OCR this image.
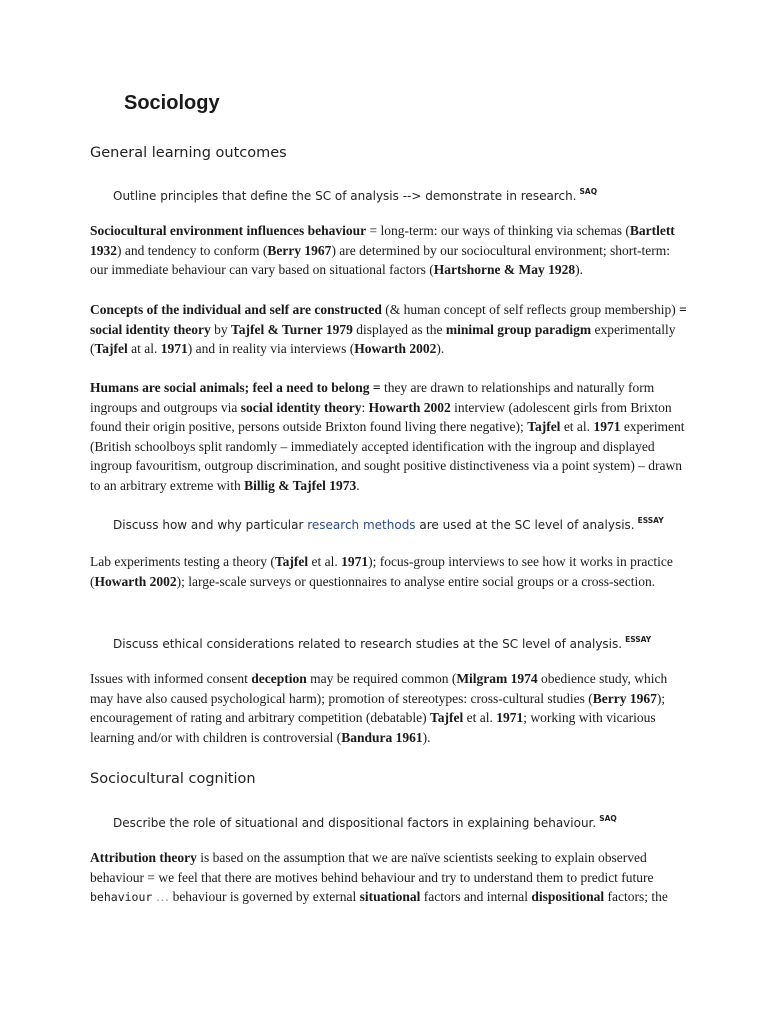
Sociology
General learning outcomes

Outline principles that define the SC of analysis --> demonstrate in research. $^{SAQ}$

Sociocultural environment influences behaviour = long-term: our ways of thinking via schemas (Bartlett 1932) and tendency to conform (Berry 1967) are determined by our sociocultural environment; short-term: our immediate behaviour can vary based on situational factors (Hartshorne & May 1928).

Concepts of the individual and self are constructed (& human concept of self reflects group membership) = social identity theory by Tajfel & Turner 1979 displayed as the minimal group paradigm experimentally (Tajfel at al. 1971) and in reality via interviews (Howarth 2002).

Humans are social animals; feel a need to belong = they are drawn to relationships and naturally form ingroups and outgroups via social identity theory: Howarth 2002 interview (adolescent girls from Brixton found their origin positive, persons outside Brixton found living there negative); Tajfel et al. 1971 experiment (British schoolboys split randomly – immediately accepted identification with the ingroup and displayed ingroup favouritism, outgroup discrimination, and sought positive distinctiveness via a point system) – drawn to an arbitrary extreme with Billig & Tajfel 1973.

Discuss how and why particular research methods are used at the SC level of analysis. $^{ESSAY}$

Lab experiments testing a theory (Tajfel et al. 1971); focus-group interviews to see how it works in practice (Howarth 2002); large-scale surveys or questionnaires to analyse entire social groups or a cross-section.

Discuss ethical considerations related to research studies at the SC level of analysis. $^{ESSAY}$

Issues with informed consent deception may be required common (Milgram 1974 obedience study, which may have also caused psychological harm); promotion of stereotypes: cross-cultural studies (Berry 1967); encouragement of rating and arbitrary competition (debatable) Tajfel et al. 1971; working with vicarious learning and/or with children is controversial (Bandura 1961).

Sociocultural cognition

Describe the role of situational and dispositional factors in explaining behaviour. $^{SAQ}$

Attribution theory is based on the assumption that we are naïve scientists seeking to explain observed behaviour = we feel that there are motives behind behaviour and try to understand them to predict future behaviour … behaviour is governed by external situational factors and internal dispositional factors; the
